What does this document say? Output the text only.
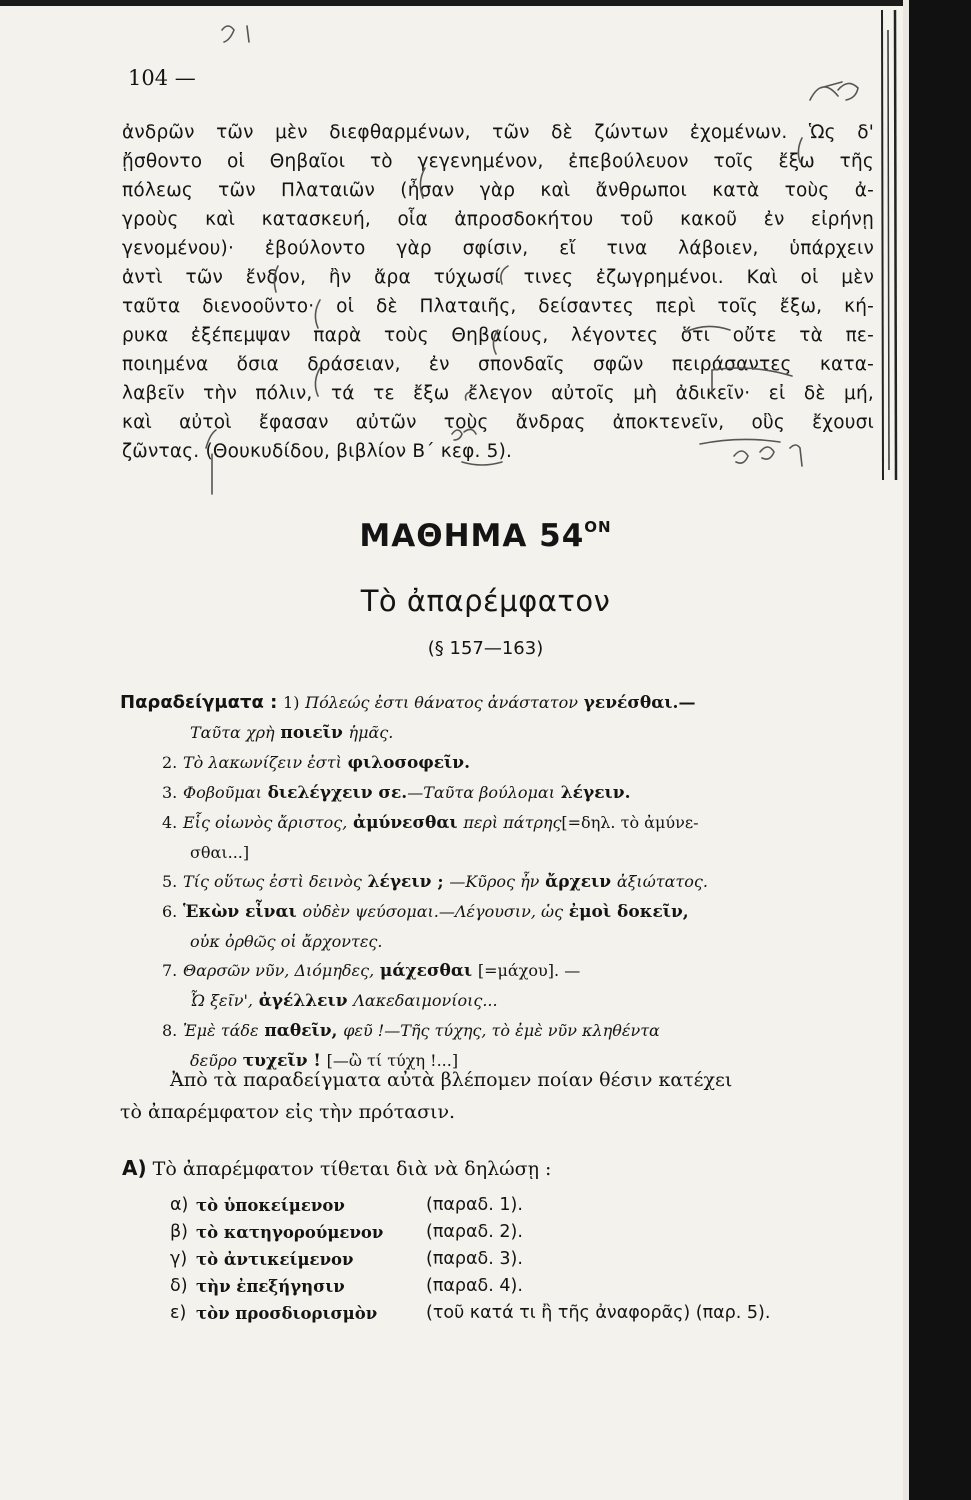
104 —
ἀνδρῶν τῶν μὲν διεφθαρμένων, τῶν δὲ ζώντων ἐχομένων. Ὡς δ'
ᾔσθοντο οἱ Θηβαῖοι τὸ γεγενημένον, ἐπεβούλευον τοῖς ἔξω τῆς
πόλεως τῶν Πλαταιῶν (ἦσαν γὰρ καὶ ἄνθρωποι κατὰ τοὺς ἀ-
γροὺς καὶ κατασκευή, οἷα ἀπροσδοκήτου τοῦ κακοῦ ἐν εἰρήνῃ
γενομένου)· ἐβούλοντο γὰρ σφίσιν, εἴ τινα λάβοιεν, ὑπάρχειν
ἀντὶ τῶν ἔνδον, ἢν ἄρα τύχωσί τινες ἐζωγρημένοι. Καὶ οἱ μὲν
ταῦτα διενοοῦντο· οἱ δὲ Πλαταιῆς, δείσαντες περὶ τοῖς ἔξω, κή-
ρυκα ἐξέπεμψαν παρὰ τοὺς Θηβαίους, λέγοντες ὅτι οὔτε τὰ πε-
ποιημένα ὅσια δράσειαν, ἐν σπονδαῖς σφῶν πειράσαντες κατα-
λαβεῖν τὴν πόλιν, τά τε ἔξω ἔλεγον αὐτοῖς μὴ ἀδικεῖν· εἰ δὲ μή,
καὶ αὐτοὶ ἔφασαν αὐτῶν τοὺς ἄνδρας ἀποκτενεῖν, οὓς ἔχουσι
ζῶντας. (Θουκυδίδου, βιβλίον Β΄ κεφ. 5).
ΜΑΘΗΜΑ $54^{ON}$
Τὸ ἀπαρέμφατον
(§ 157—163)
Παραδείγματα : 1) Πόλεώς ἐστι θάνατος ἀνάστατον γενέσθαι.—
Ταῦτα χρὴ ποιεῖν ἡμᾶς.
2. Τὸ λακωνίζειν ἐστὶ φιλοσοφεῖν.
3. Φοβοῦμαι διελέγχειν σε.—Ταῦτα βούλομαι λέγειν.
4. Εἷς οἰωνὸς ἄριστος, ἀμύνεσθαι περὶ πάτρης[=δηλ. τὸ ἀμύνε-
σθαι...]
5. Τίς οὕτως ἐστὶ δεινὸς λέγειν ; —Κῦρος ἦν ἄρχειν ἀξιώτατος.
6. Ἑκὼν εἶναι οὐδὲν ψεύσομαι.—Λέγουσιν, ὡς ἐμοὶ δοκεῖν,
οὐκ ὀρθῶς οἱ ἄρχοντες.
7. Θαρσῶν νῦν, Διόμηδες, μάχεσθαι [=μάχου]. —
Ὦ ξεῖν', ἀγέλλειν Λακεδαιμονίοις...
8. Ἐμὲ τάδε παθεῖν, φεῦ !—Τῆς τύχης, τὸ ἐμὲ νῦν κληθέντα
δεῦρο τυχεῖν ! [—ὢ τί τύχη !...]
Ἀπὸ τὰ παραδείγματα αὐτὰ βλέπομεν ποίαν θέσιν κατέχει
τὸ ἀπαρέμφατον εἰς τὴν πρότασιν.
Α) Τὸ ἀπαρέμφατον τίθεται διὰ νὰ δηλώσῃ :
α) τὸ ὑποκείμενον	(παραδ. 1).
β) τὸ κατηγορούμενον	(παραδ. 2).
γ) τὸ ἀντικείμενον	(παραδ. 3).
δ) τὴν ἐπεξήγησιν	(παραδ. 4).
ε) τὸν προσδιορισμὸν	(τοῦ κατά τι ἢ τῆς ἀναφορᾶς) (παρ. 5).
